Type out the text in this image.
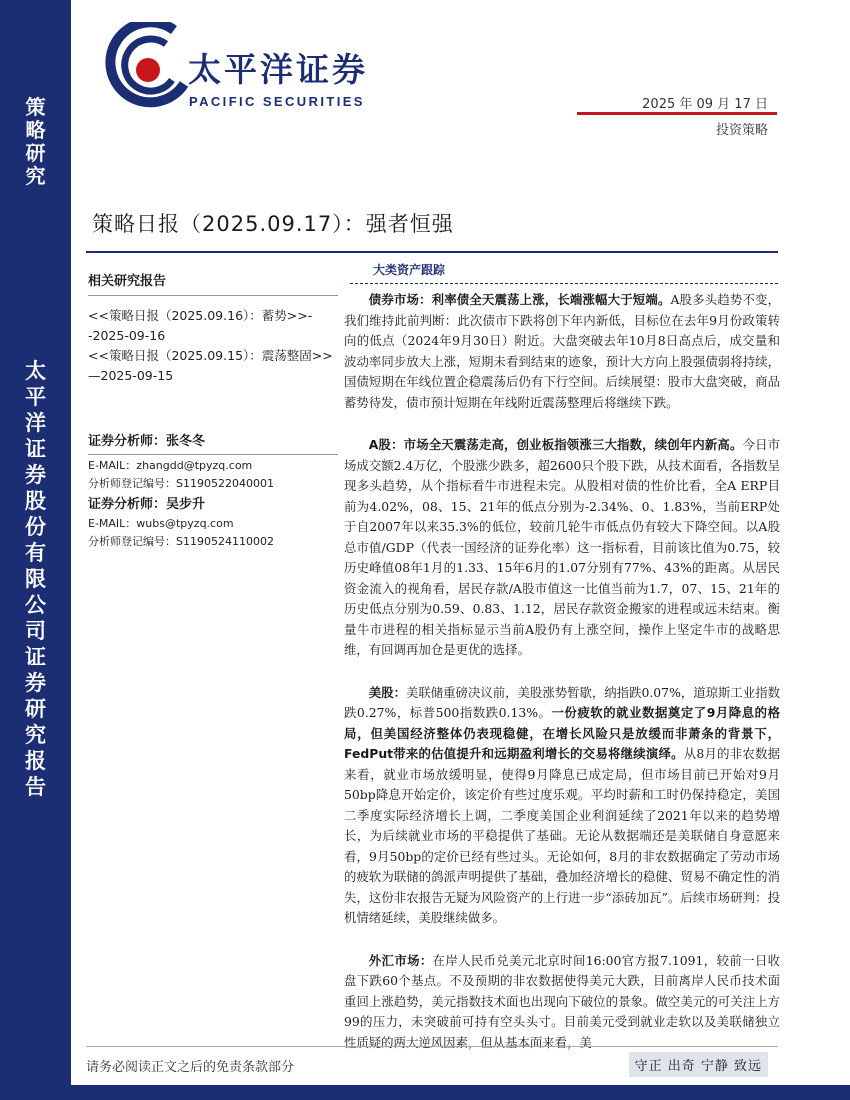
策
略
研
究
太
平
洋
证
券
股
份
有
限
公
司
证
券
研
究
报
告
太平洋证券
PACIFIC SECURITIES	2025 年 09 月 17 日
投资策略
策略日报（2025.09.17）：强者恒强
相关研究报告
<<策略日报（2025.09.16）：蓄势>>--2025-09-16
<<策略日报（2025.09.15）：震荡整固>>—2025-09-15
证券分析师：张冬冬
E-MAIL：zhangdd@tpyzq.com
分析师登记编号：S1190522040001
证券分析师：吴步升
E-MAIL：wubs@tpyzq.com
分析师登记编号：S1190524110002
大类资产跟踪

债券市场：利率债全天震荡上涨，长端涨幅大于短端。A股多头趋势不变，我们维持此前判断：此次债市下跌将创下年内新低，目标位在去年9月份政策转向的低点（2024年9月30日）附近。大盘突破去年10月8日高点后，成交量和波动率同步放大上涨，短期未看到结束的迹象，预计大方向上股强债弱将持续，国债短期在年线位置企稳震荡后仍有下行空间。后续展望：股市大盘突破，商品蓄势待发，债市预计短期在年线附近震荡整理后将继续下跌。

A股：市场全天震荡走高，创业板指领涨三大指数，续创年内新高。今日市场成交额2.4万亿，个股涨少跌多，超2600只个股下跌，从技术面看，各指数呈现多头趋势，从个指标看牛市进程未完。从股相对债的性价比看，全A ERP目前为4.02%，08、15、21年的低点分别为-2.34%、0、1.83%，当前ERP处于自2007年以来35.3%的低位，较前几轮牛市低点仍有较大下降空间。以A股总市值/GDP（代表一国经济的证券化率）这一指标看，目前该比值为0.75，较历史峰值08年1月的1.33、15年6月的1.07分别有77%、43%的距离。从居民资金流入的视角看，居民存款/A股市值这一比值当前为1.7，07、15、21年的历史低点分别为0.59、0.83、1.12，居民存款资金搬家的进程或远未结束。衡量牛市进程的相关指标显示当前A股仍有上涨空间，操作上坚定牛市的战略思维，有回调再加仓是更优的选择。

美股：美联储重磅决议前，美股涨势暂歇，纳指跌0.07%，道琼斯工业指数跌0.27%，标普500指数跌0.13%。一份疲软的就业数据奠定了9月降息的格局，但美国经济整体仍表现稳健，在增长风险只是放缓而非萧条的背景下，FedPut带来的估值提升和远期盈利增长的交易将继续演绎。从8月的非农数据来看，就业市场放缓明显，使得9月降息已成定局，但市场目前已开始对9月50bp降息开始定价，该定价有些过度乐观。平均时薪和工时仍保持稳定，美国二季度实际经济增长上调，二季度美国企业利润延续了2021年以来的趋势增长，为后续就业市场的平稳提供了基础。无论从数据端还是美联储自身意愿来看，9月50bp的定价已经有些过头。无论如何，8月的非农数据确定了劳动市场的疲软为联储的鸽派声明提供了基础，叠加经济增长的稳健、贸易不确定性的消失，这份非农报告无疑为风险资产的上行进一步“添砖加瓦”。后续市场研判：投机情绪延续，美股继续做多。

外汇市场：在岸人民币兑美元北京时间16:00官方报7.1091，较前一日收盘下跌60个基点。不及预期的非农数据使得美元大跌，目前离岸人民币技术面重回上涨趋势，美元指数技术面也出现向下破位的景象。做空美元的可关注上方99的压力，未突破前可持有空头头寸。目前美元受到就业走软以及美联储独立性质疑的两大逆风因素，但从基本面来看，美

请务必阅读正文之后的免责条款部分	守正 出奇 宁静 致远
